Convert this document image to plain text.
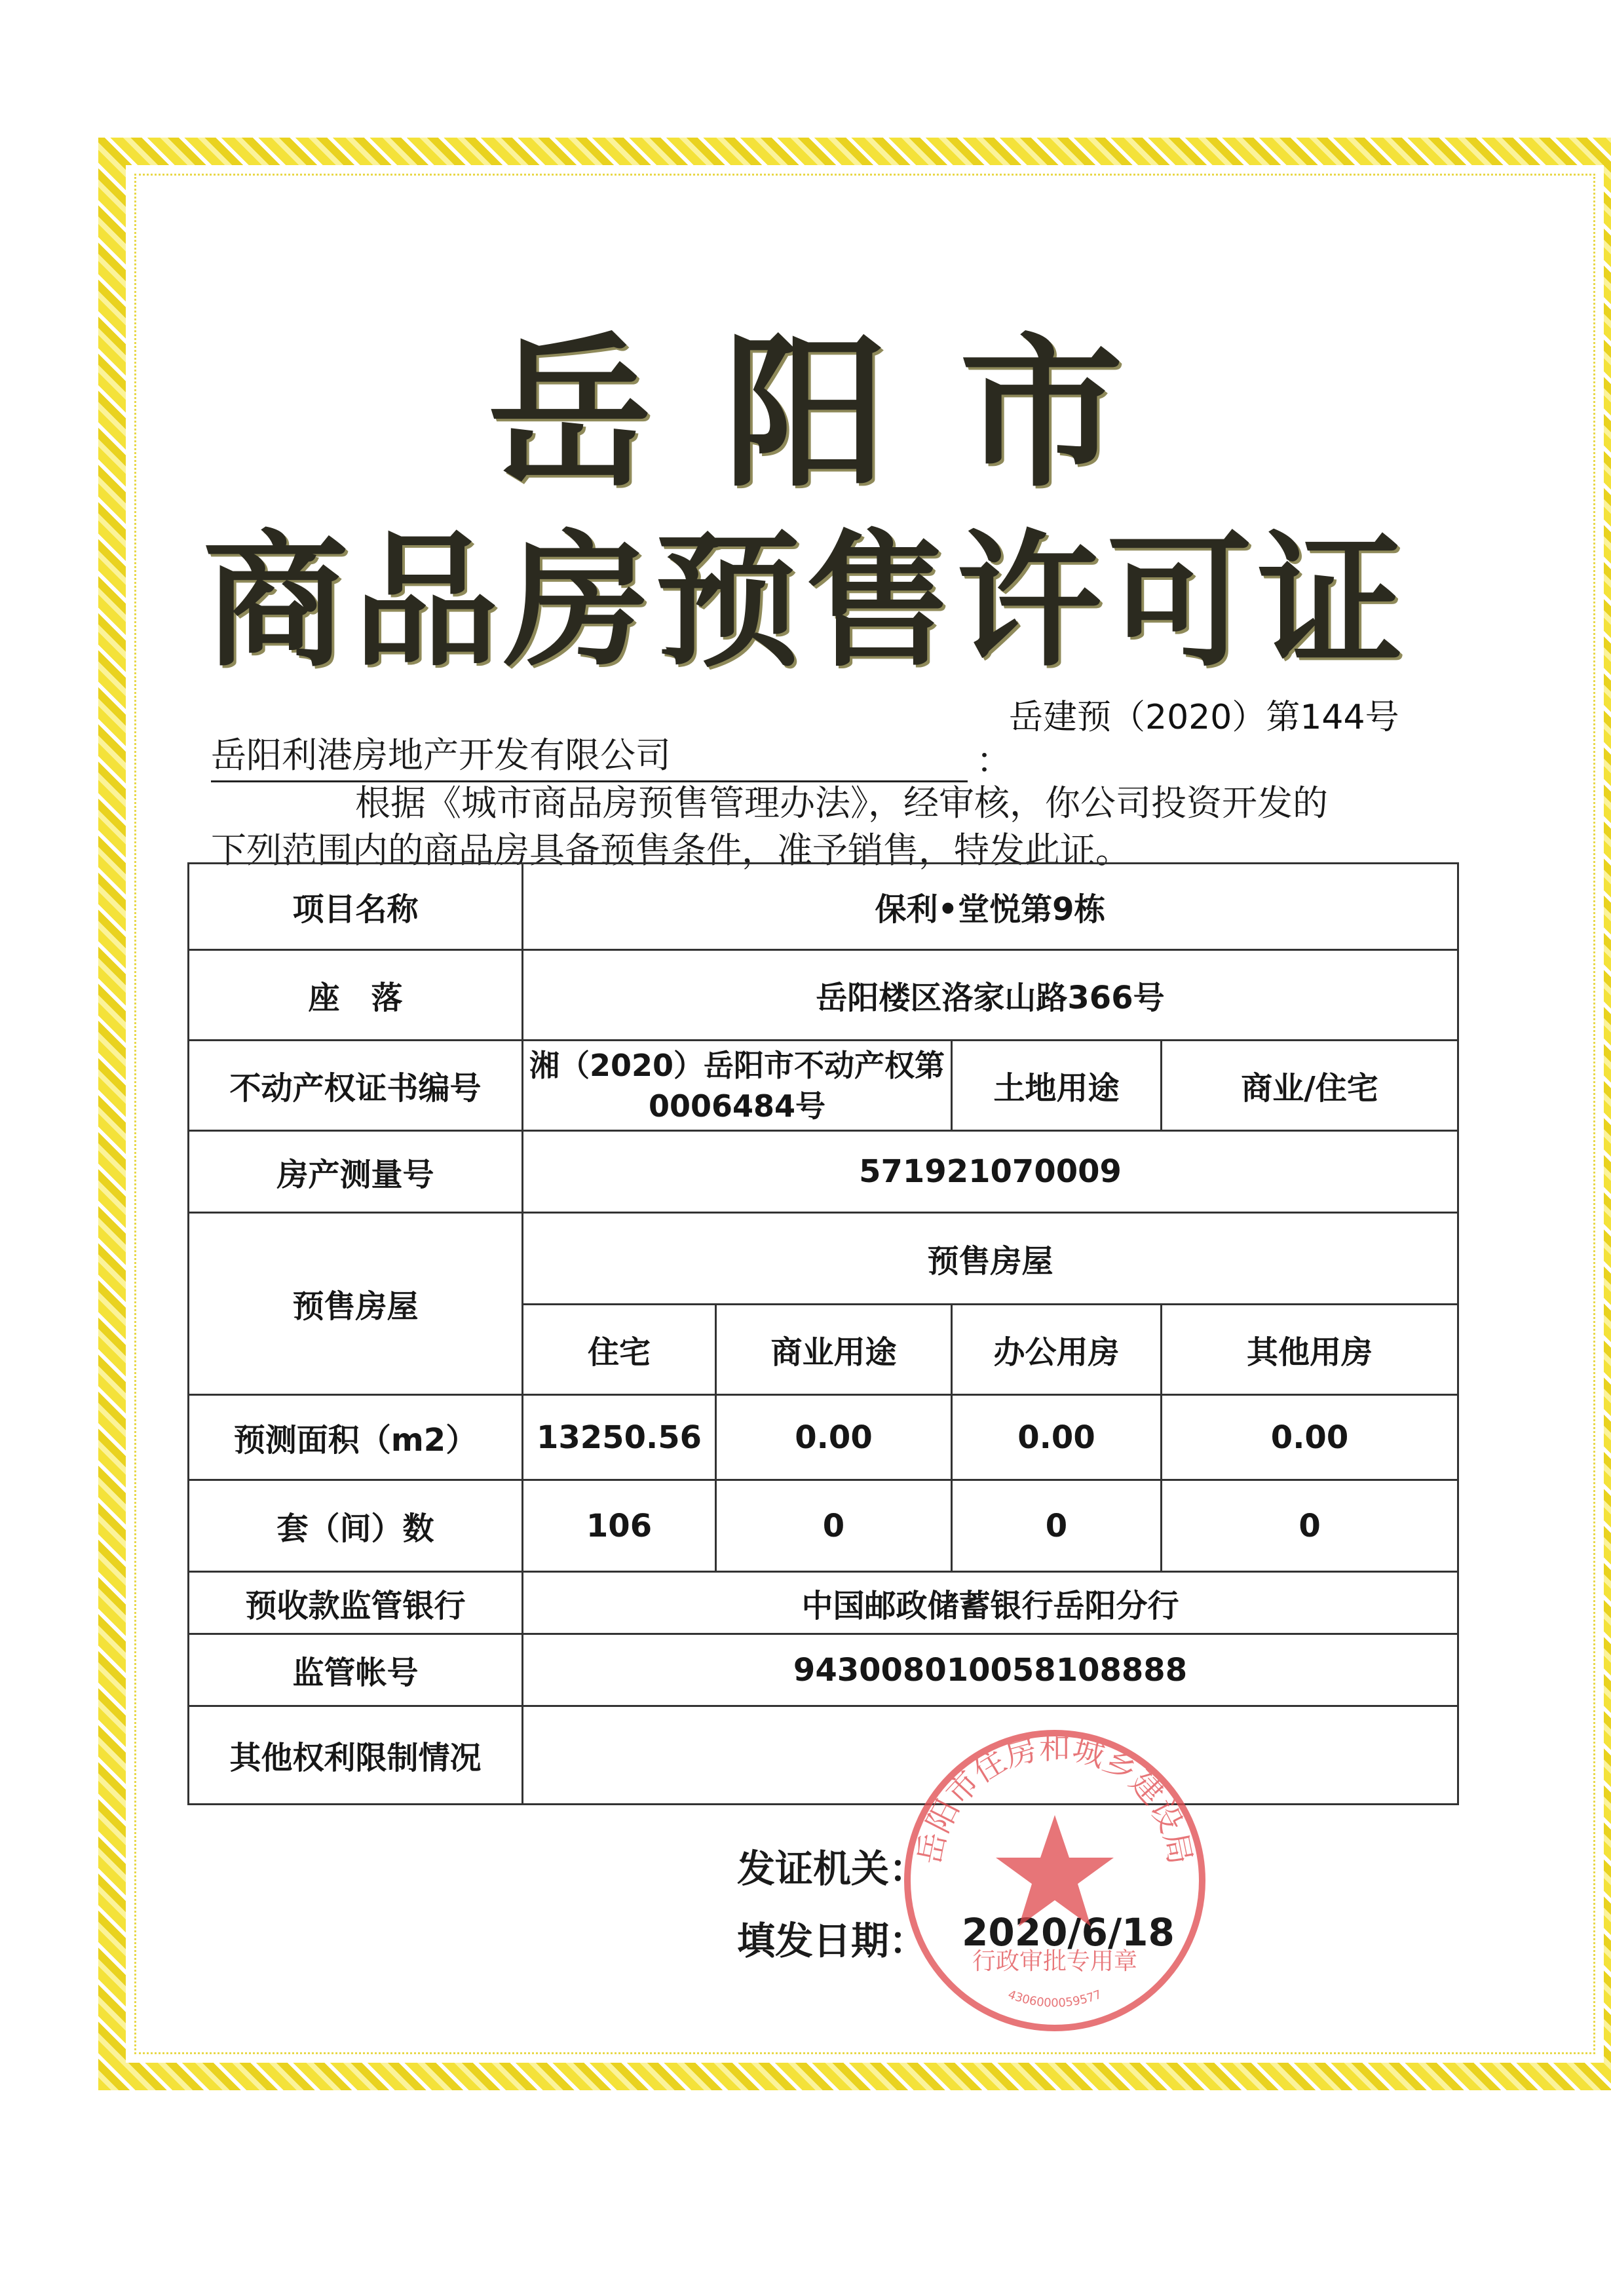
岳阳市
商品房预售许可证
岳建预（2020）第144号
岳阳利港房地产开发有限公司	：
根据《城市商品房预售管理办法》，经审核，你公司投资开发的
下列范围内的商品房具备预售条件，准予销售，特发此证。
项目名称	保利•堂悦第9栋			
座　落	岳阳楼区洛家山路366号			
不动产权证书编号	湘（2020）岳阳市不动产权第0006484号		土地用途	商业/住宅
房产测量号	571921070009			
预售房屋	预售房屋			
	住宅	商业用途	办公用房	其他用房
预测面积（m2）	13250.56	0.00	0.00	0.00
套（间）数	106	0	0	0
预收款监管银行	中国邮政储蓄银行岳阳分行			
监管帐号	943008010058108888			
其他权利限制情况				
发证机关：
填发日期： 2020/6/18
岳阳市住房和城乡建设局
行政审批专用章
4306000059577
